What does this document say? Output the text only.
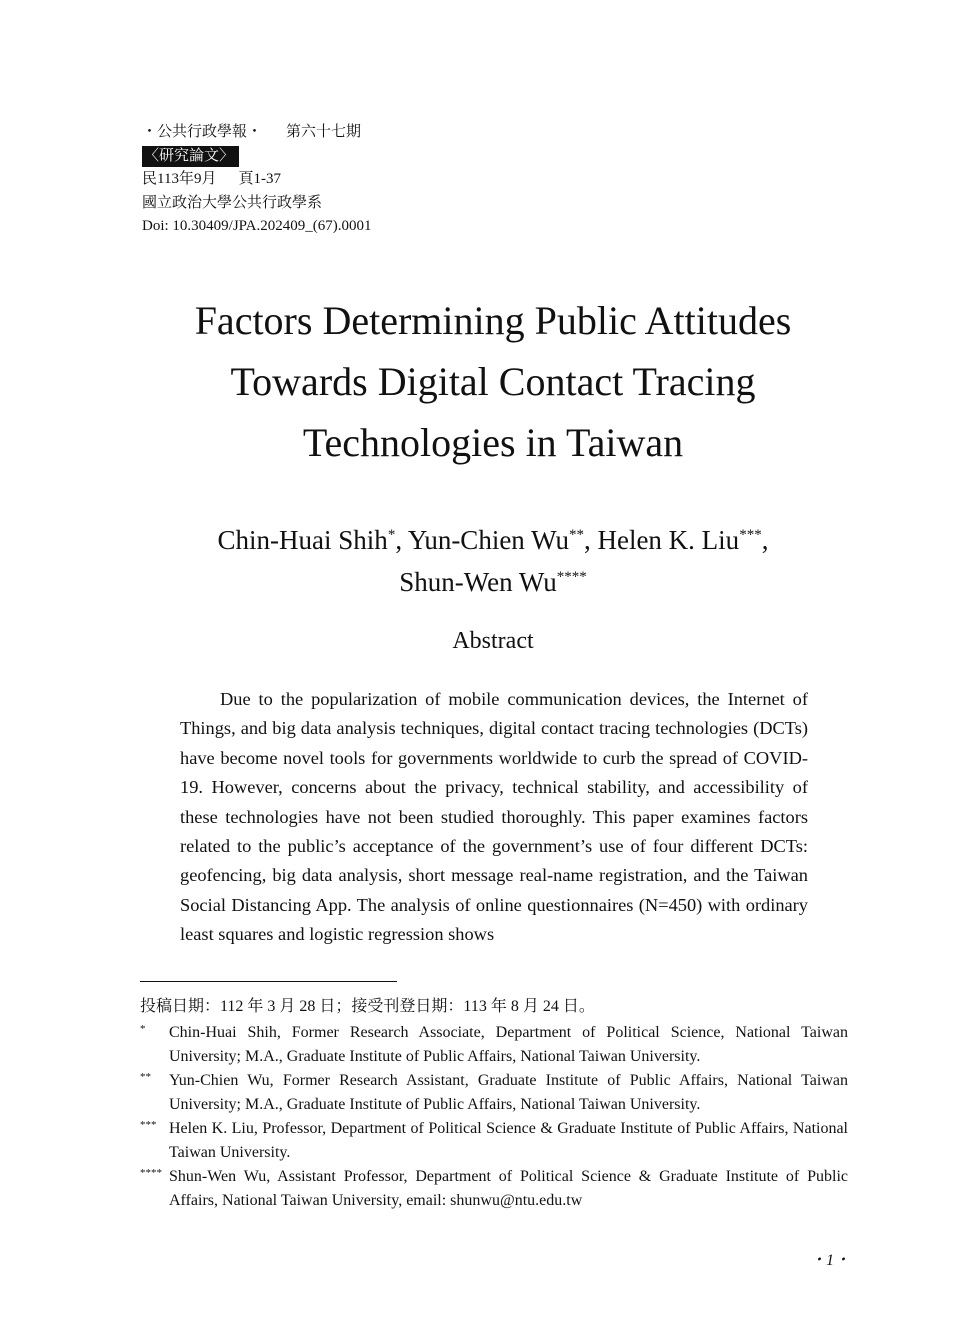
・公共行政學報・ 第六十七期
〈研究論文〉
民113年9月 頁1-37
國立政治大學公共行政學系
Doi: 10.30409/JPA.202409_(67).0001
Factors Determining Public Attitudes
Towards Digital Contact Tracing
Technologies in Taiwan
Chin-Huai Shih*, Yun-Chien Wu**, Helen K. Liu***,
Shun-Wen Wu****
Abstract

Due to the popularization of mobile communication devices, the Internet of Things, and big data analysis techniques, digital contact tracing technologies (DCTs) have become novel tools for governments worldwide to curb the spread of COVID-19. However, concerns about the privacy, technical stability, and accessibility of these technologies have not been studied thoroughly. This paper examines factors related to the public’s acceptance of the government’s use of four different DCTs: geofencing, big data analysis, short message real-name registration, and the Taiwan Social Distancing App. The analysis of online questionnaires (N=450) with ordinary least squares and logistic regression shows

投稿日期：112 年 3 月 28 日；接受刊登日期：113 年 8 月 24 日。
* Chin-Huai Shih, Former Research Associate, Department of Political Science, National Taiwan University; M.A., Graduate Institute of Public Affairs, National Taiwan University.
** Yun-Chien Wu, Former Research Assistant, Graduate Institute of Public Affairs, National Taiwan University; M.A., Graduate Institute of Public Affairs, National Taiwan University.
*** Helen K. Liu, Professor, Department of Political Science & Graduate Institute of Public Affairs, National Taiwan University.
**** Shun-Wen Wu, Assistant Professor, Department of Political Science & Graduate Institute of Public Affairs, National Taiwan University, email: shunwu@ntu.edu.tw
・1・
